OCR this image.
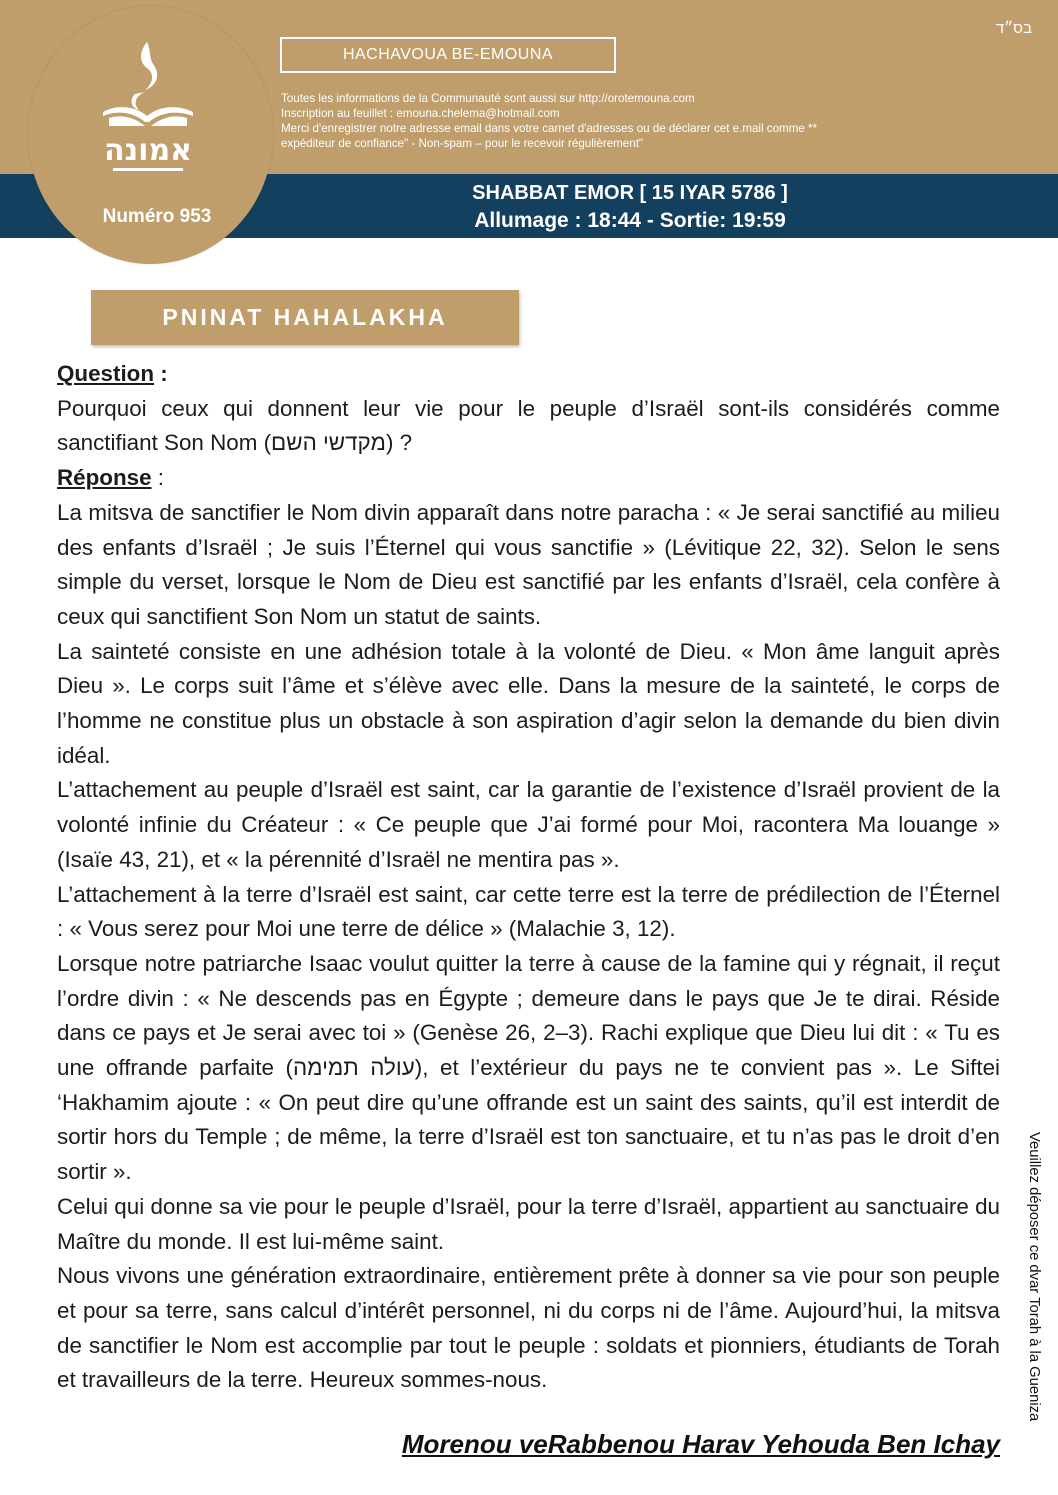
אמונה
Numéro 953
בס״ד
HACHAVOUA BE-EMOUNA
Toutes les informations de la Communauté sont aussi sur http://orotemouna.com
Inscription au feuillet : emouna.chelema@hotmail.com
Merci d'enregistrer notre adresse email dans votre carnet d'adresses ou de déclarer cet e.mail comme **
expéditeur de confiance" - Non-spam – pour le recevoir régulièrement"
SHABBAT EMOR [ 15 IYAR 5786 ]
Allumage : 18:44 - Sortie: 19:59
PNINAT HAHALAKHA

Question :

Pourquoi ceux qui donnent leur vie pour le peuple d’Israël sont-ils considérés comme sanctifiant Son Nom (מקדשי השם) ?

Réponse :

La mitsva de sanctifier le Nom divin apparaît dans notre paracha : « Je serai sanctifié au milieu des enfants d’Israël ; Je suis l’Éternel qui vous sanctifie » (Lévitique 22, 32). Selon le sens simple du verset, lorsque le Nom de Dieu est sanctifié par les enfants d’Israël, cela confère à ceux qui sanctifient Son Nom un statut de saints.

La sainteté consiste en une adhésion totale à la volonté de Dieu. « Mon âme languit après Dieu ». Le corps suit l’âme et s’élève avec elle. Dans la mesure de la sainteté, le corps de l’homme ne constitue plus un obstacle à son aspiration d’agir selon la demande du bien divin idéal.

L’attachement au peuple d’Israël est saint, car la garantie de l’existence d’Israël provient de la volonté infinie du Créateur : « Ce peuple que J’ai formé pour Moi, racontera Ma louange » (Isaïe 43, 21), et « la pérennité d’Israël ne mentira pas ».

L’attachement à la terre d’Israël est saint, car cette terre est la terre de prédilection de l’Éternel : « Vous serez pour Moi une terre de délice » (Malachie 3, 12).

Lorsque notre patriarche Isaac voulut quitter la terre à cause de la famine qui y régnait, il reçut l’ordre divin : « Ne descends pas en Égypte ; demeure dans le pays que Je te dirai. Réside dans ce pays et Je serai avec toi » (Genèse 26, 2–3). Rachi explique que Dieu lui dit : « Tu es une offrande parfaite (עולה תמימה), et l’extérieur du pays ne te convient pas ». Le Siftei ‘Hakhamim ajoute : « On peut dire qu’une offrande est un saint des saints, qu’il est interdit de sortir hors du Temple ; de même, la terre d’Israël est ton sanctuaire, et tu n’as pas le droit d’en sortir ».

Celui qui donne sa vie pour le peuple d’Israël, pour la terre d’Israël, appartient au sanctuaire du Maître du monde. Il est lui-même saint.

Nous vivons une génération extraordinaire, entièrement prête à donner sa vie pour son peuple et pour sa terre, sans calcul d’intérêt personnel, ni du corps ni de l’âme. Aujourd’hui, la mitsva de sanctifier le Nom est accomplie par tout le peuple : soldats et pionniers, étudiants de Torah et travailleurs de la terre. Heureux sommes-nous.

Morenou veRabbenou Harav Yehouda Ben Ichay
Veuillez déposer ce dvar Torah à la Guenizа
